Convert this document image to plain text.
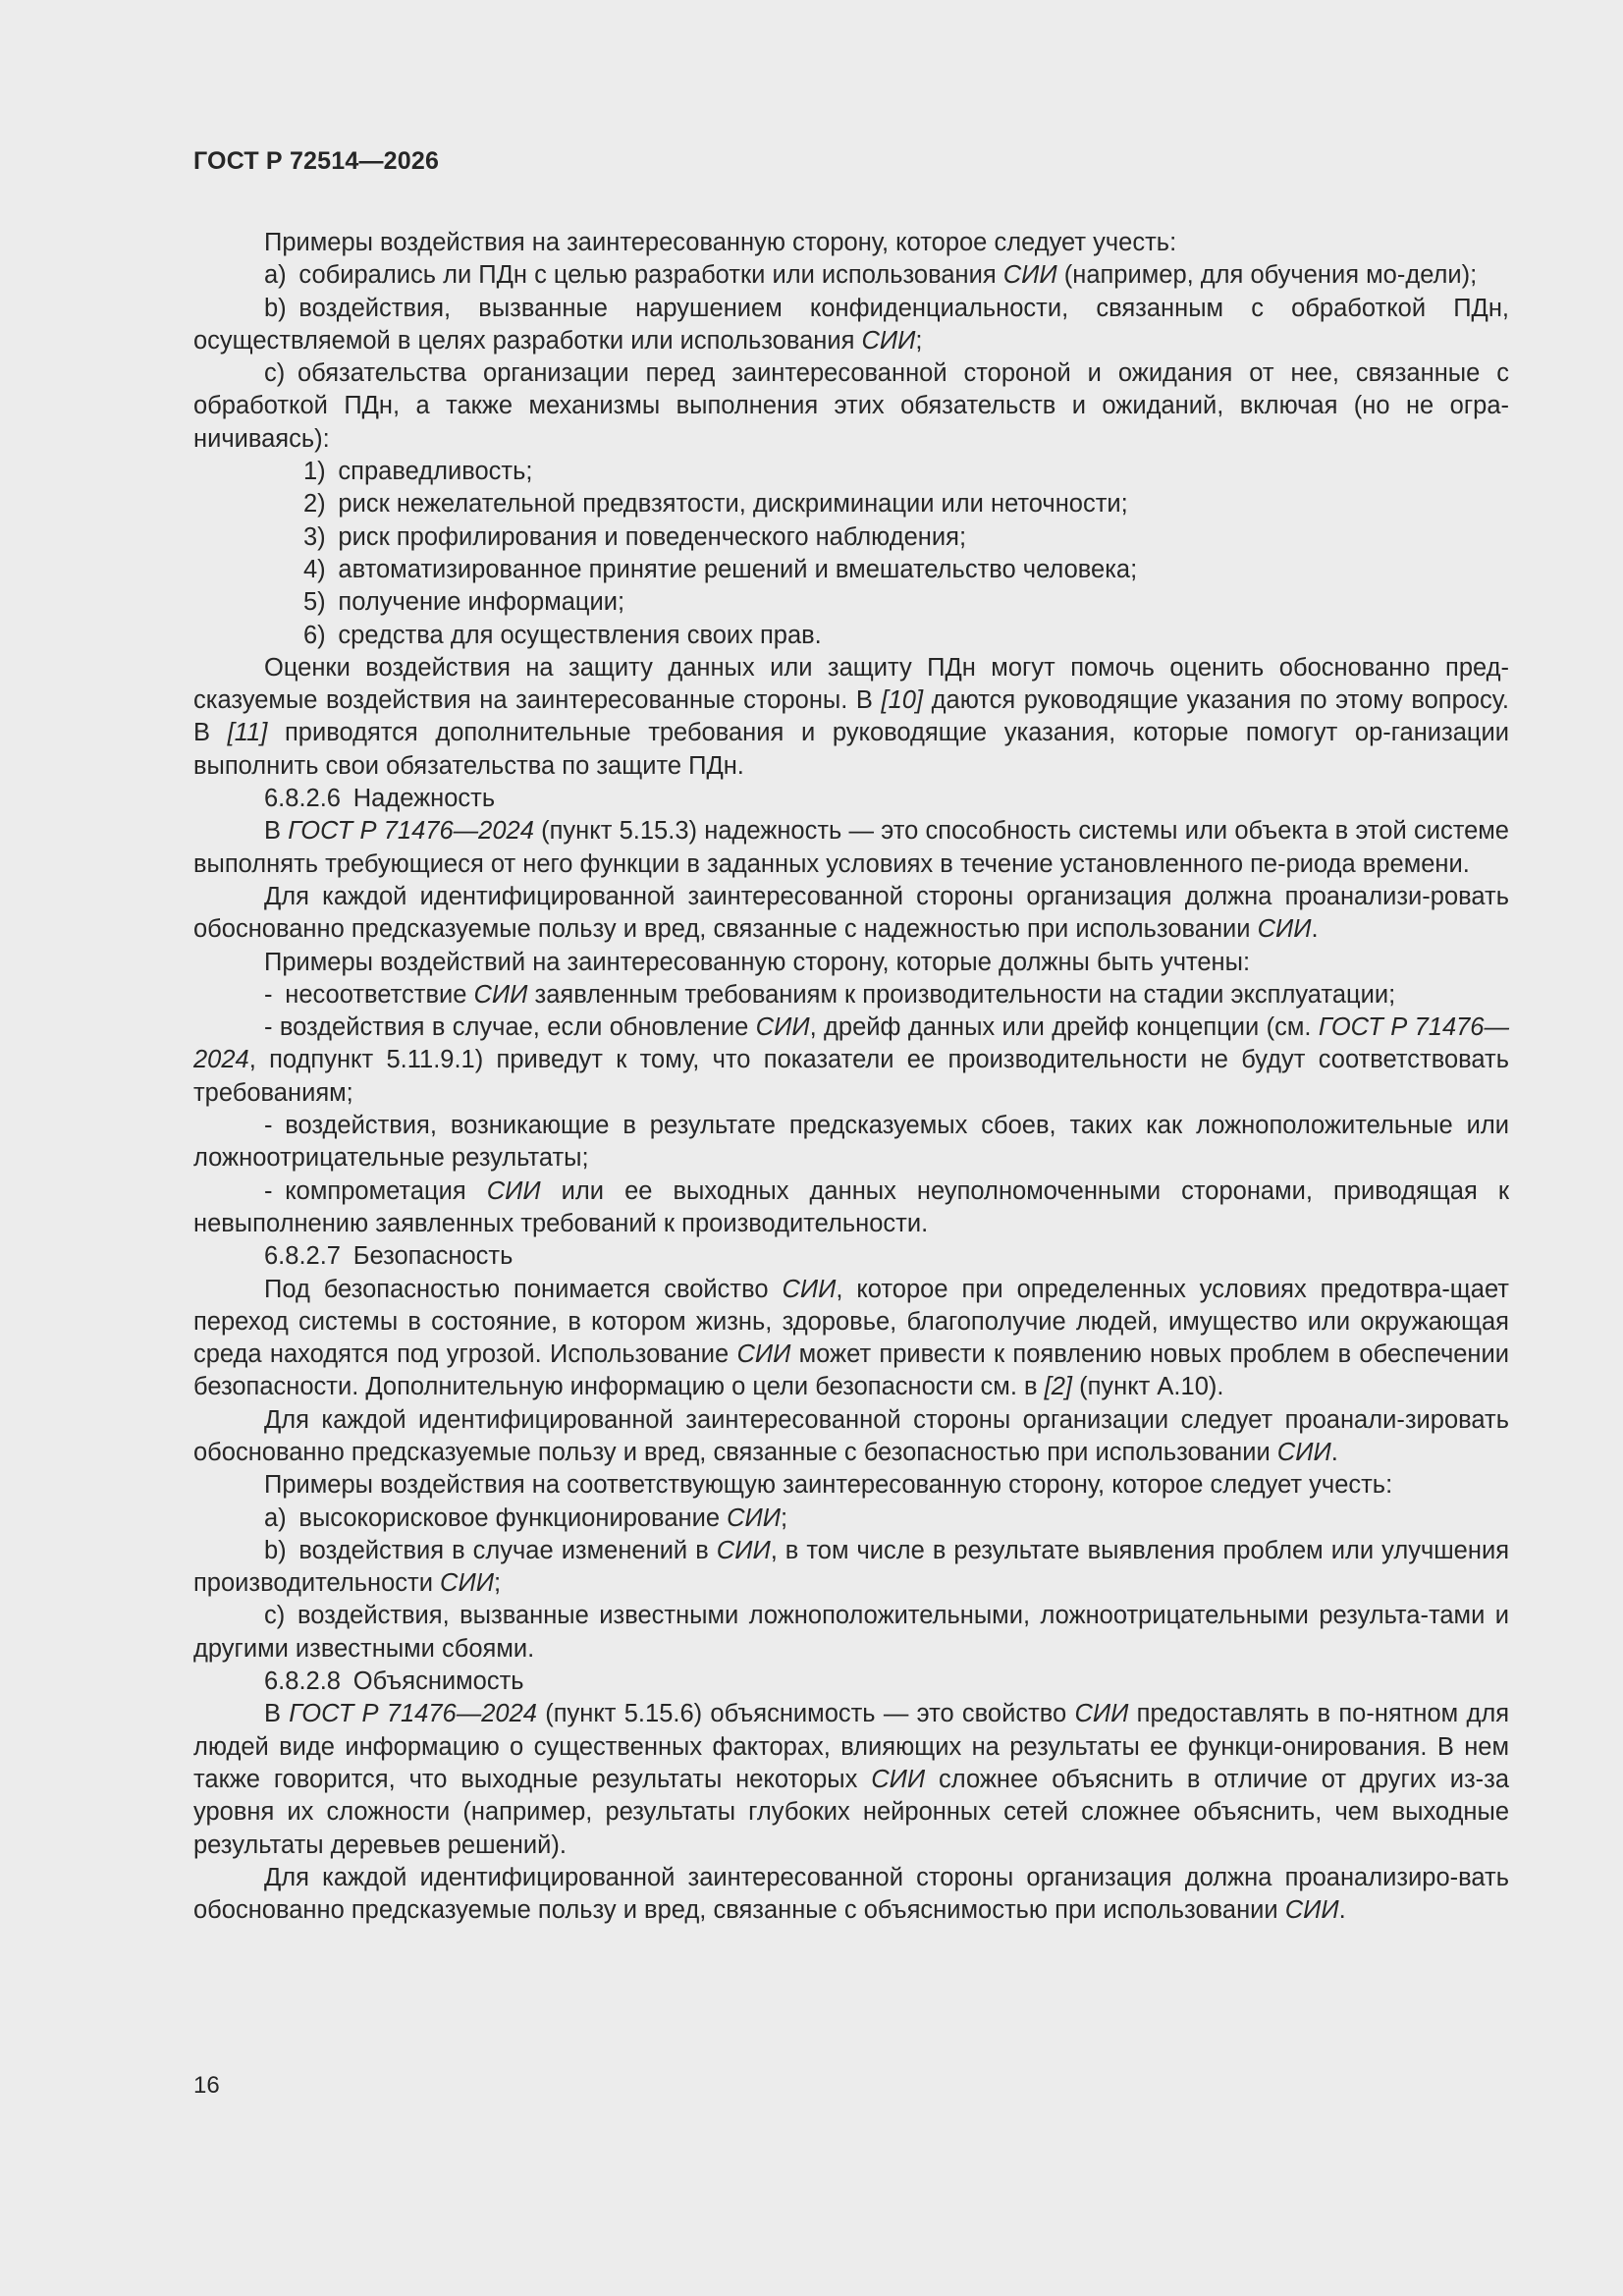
ГОСТ Р 72514—2026

Примеры воздействия на заинтересованную сторону, которое следует учесть:

a) собирались ли ПДн с целью разработки или использования СИИ (например, для обучения мо-дели);

b) воздействия, вызванные нарушением конфиденциальности, связанным с обработкой ПДн, осуществляемой в целях разработки или использования СИИ;

c) обязательства организации перед заинтересованной стороной и ожидания от нее, связанные с обработкой ПДн, а также механизмы выполнения этих обязательств и ожиданий, включая (но не огра-ничиваясь):

1) справедливость;

2) риск нежелательной предвзятости, дискриминации или неточности;

3) риск профилирования и поведенческого наблюдения;

4) автоматизированное принятие решений и вмешательство человека;

5) получение информации;

6) средства для осуществления своих прав.

Оценки воздействия на защиту данных или защиту ПДн могут помочь оценить обоснованно пред-сказуемые воздействия на заинтересованные стороны. В [10] даются руководящие указания по этому вопросу. В [11] приводятся дополнительные требования и руководящие указания, которые помогут ор-ганизации выполнить свои обязательства по защите ПДн.

6.8.2.6 Надежность

В ГОСТ Р 71476—2024 (пункт 5.15.3) надежность — это способность системы или объекта в этой системе выполнять требующиеся от него функции в заданных условиях в течение установленного пе-риода времени.

Для каждой идентифицированной заинтересованной стороны организация должна проанализи-ровать обоснованно предсказуемые пользу и вред, связанные с надежностью при использовании СИИ.

Примеры воздействий на заинтересованную сторону, которые должны быть учтены:

- несоответствие СИИ заявленным требованиям к производительности на стадии эксплуатации;

- воздействия в случае, если обновление СИИ, дрейф данных или дрейф концепции (см. ГОСТ Р 71476—2024, подпункт 5.11.9.1) приведут к тому, что показатели ее производительности не будут соответствовать требованиям;

- воздействия, возникающие в результате предсказуемых сбоев, таких как ложноположительные или ложноотрицательные результаты;

- компрометация СИИ или ее выходных данных неуполномоченными сторонами, приводящая к невыполнению заявленных требований к производительности.

6.8.2.7 Безопасность

Под безопасностью понимается свойство СИИ, которое при определенных условиях предотвра-щает переход системы в состояние, в котором жизнь, здоровье, благополучие людей, имущество или окружающая среда находятся под угрозой. Использование СИИ может привести к появлению новых проблем в обеспечении безопасности. Дополнительную информацию о цели безопасности см. в [2] (пункт А.10).

Для каждой идентифицированной заинтересованной стороны организации следует проанали-зировать обоснованно предсказуемые пользу и вред, связанные с безопасностью при использовании СИИ.

Примеры воздействия на соответствующую заинтересованную сторону, которое следует учесть:

a) высокорисковое функционирование СИИ;

b) воздействия в случае изменений в СИИ, в том числе в результате выявления проблем или улучшения производительности СИИ;

c) воздействия, вызванные известными ложноположительными, ложноотрицательными результа-тами и другими известными сбоями.

6.8.2.8 Объяснимость

В ГОСТ Р 71476—2024 (пункт 5.15.6) объяснимость — это свойство СИИ предоставлять в по-нятном для людей виде информацию о существенных факторах, влияющих на результаты ее функци-онирования. В нем также говорится, что выходные результаты некоторых СИИ сложнее объяснить в отличие от других из-за уровня их сложности (например, результаты глубоких нейронных сетей сложнее объяснить, чем выходные результаты деревьев решений).

Для каждой идентифицированной заинтересованной стороны организация должна проанализиро-вать обоснованно предсказуемые пользу и вред, связанные с объяснимостью при использовании СИИ.

16
